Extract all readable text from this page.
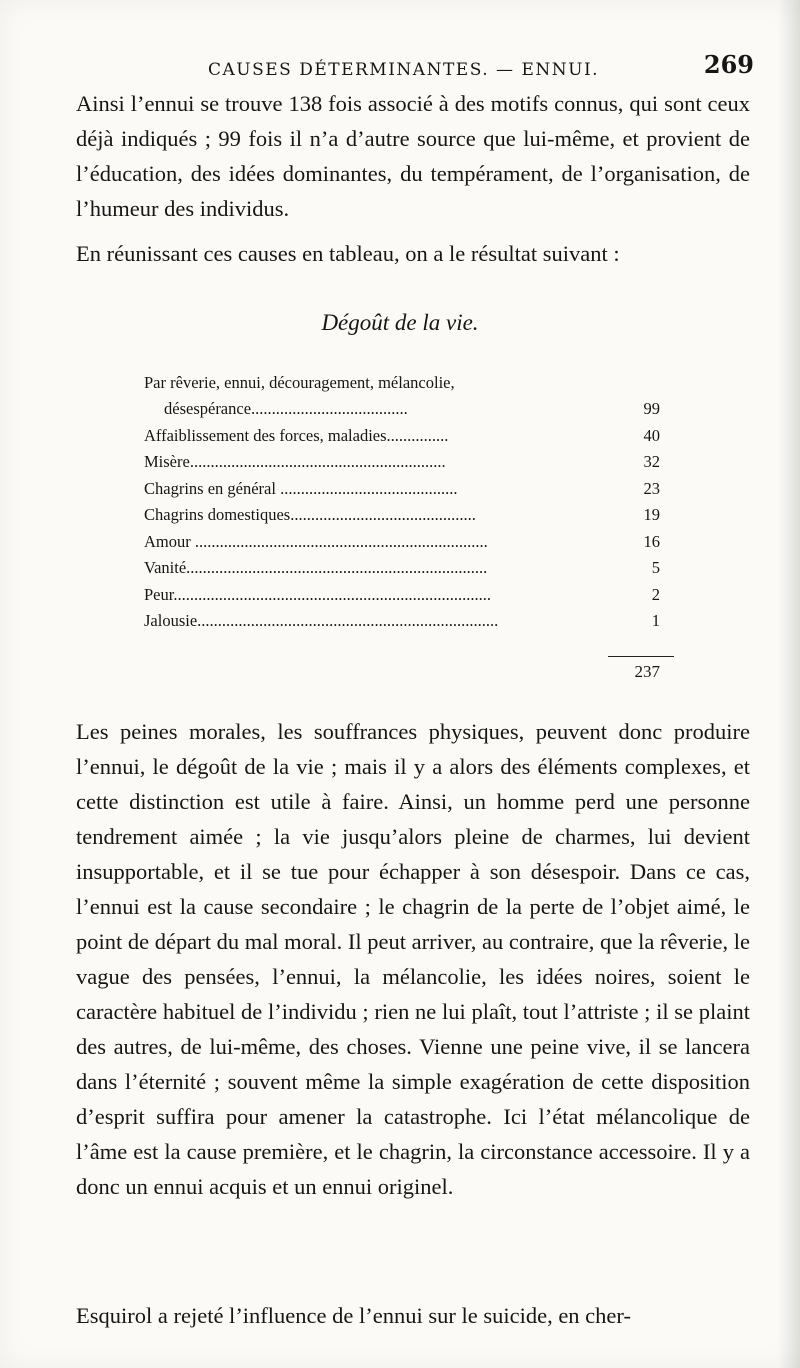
CAUSES DÉTERMINANTES. — ENNUI.	269

Ainsi l’ennui se trouve 138 fois associé à des motifs connus, qui sont ceux déjà indiqués ; 99 fois il n’a d’autre source que lui-même, et provient de l’éducation, des idées dominantes, du tempérament, de l’organisation, de l’humeur des individus.

En réunissant ces causes en tableau, on a le résultat suivant :

Dégoût de la vie.
Par rêverie, ennui, découragement, mélancolie,
désespérance......................................	99
Affaiblissement des forces, maladies...............	40
Misère..............................................................	32
Chagrins en général ...........................................	23
Chagrins domestiques.............................................	19
Amour .......................................................................	16
Vanité.........................................................................	5
Peur.............................................................................	2
Jalousie.........................................................................	1
237

Les peines morales, les souffrances physiques, peuvent donc produire l’ennui, le dégoût de la vie ; mais il y a alors des éléments complexes, et cette distinction est utile à faire. Ainsi, un homme perd une personne tendrement aimée ; la vie jusqu’alors pleine de charmes, lui devient insupportable, et il se tue pour échapper à son désespoir. Dans ce cas, l’ennui est la cause secondaire ; le chagrin de la perte de l’objet aimé, le point de départ du mal moral. Il peut arriver, au contraire, que la rêverie, le vague des pensées, l’ennui, la mélancolie, les idées noires, soient le caractère habituel de l’individu ; rien ne lui plaît, tout l’attriste ; il se plaint des autres, de lui-même, des choses. Vienne une peine vive, il se lancera dans l’éternité ; souvent même la simple exagération de cette disposition d’esprit suffira pour amener la catastrophe. Ici l’état mélancolique de l’âme est la cause première, et le chagrin, la circonstance accessoire. Il y a donc un ennui acquis et un ennui originel.

Esquirol a rejeté l’influence de l’ennui sur le suicide, en cher-
